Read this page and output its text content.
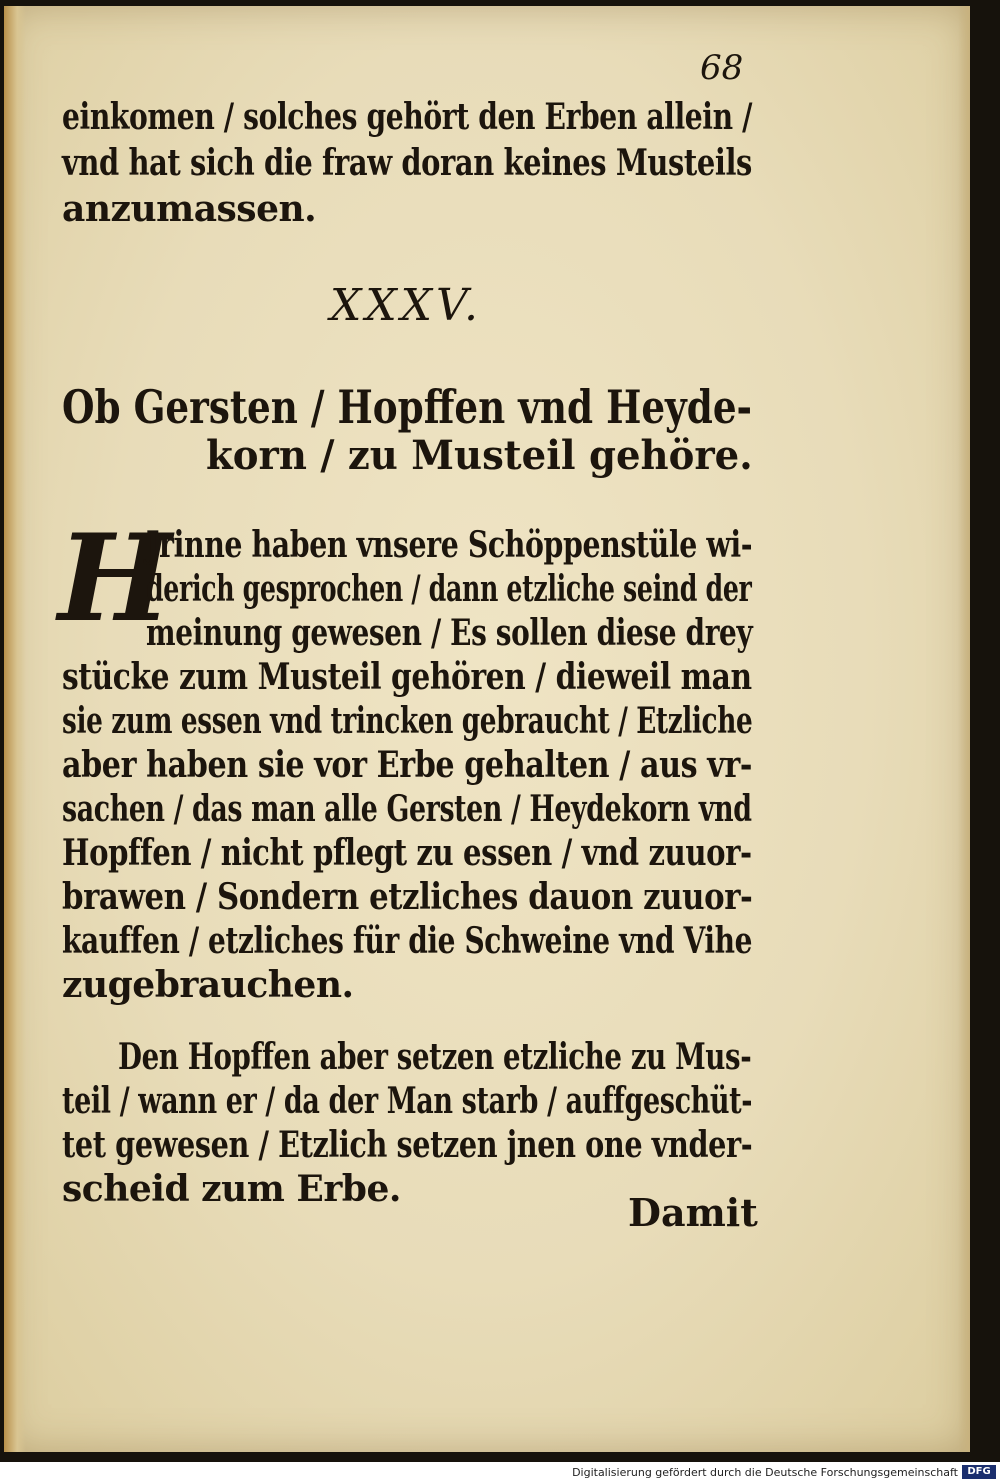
68
einkomen / solches gehört den Erben allein /
vnd hat sich die fraw doran keines Musteils
anzumassen.
XXXV.
Ob Gersten / Hopffen vnd Heyde-
korn / zu Musteil gehöre.
H
Jrinne haben vnsere Schöppenstüle wi-
derich gesprochen / dann etzliche seind der
meinung gewesen / Es sollen diese drey
stücke zum Musteil gehören / dieweil man
sie zum essen vnd trincken gebraucht / Etzliche
aber haben sie vor Erbe gehalten / aus vr-
sachen / das man alle Gersten / Heydekorn vnd
Hopffen / nicht pflegt zu essen / vnd zuuor-
brawen / Sondern etzliches dauon zuuor-
kauffen / etzliches für die Schweine vnd Vihe
zugebrauchen.
Den Hopffen aber setzen etzliche zu Mus-
teil / wann er / da der Man starb / auffgeschüt-
tet gewesen / Etzlich setzen jnen one vnder-
scheid zum Erbe.
Damit
Digitalisierung gefördert durch die Deutsche Forschungsgemeinschaft DFG
